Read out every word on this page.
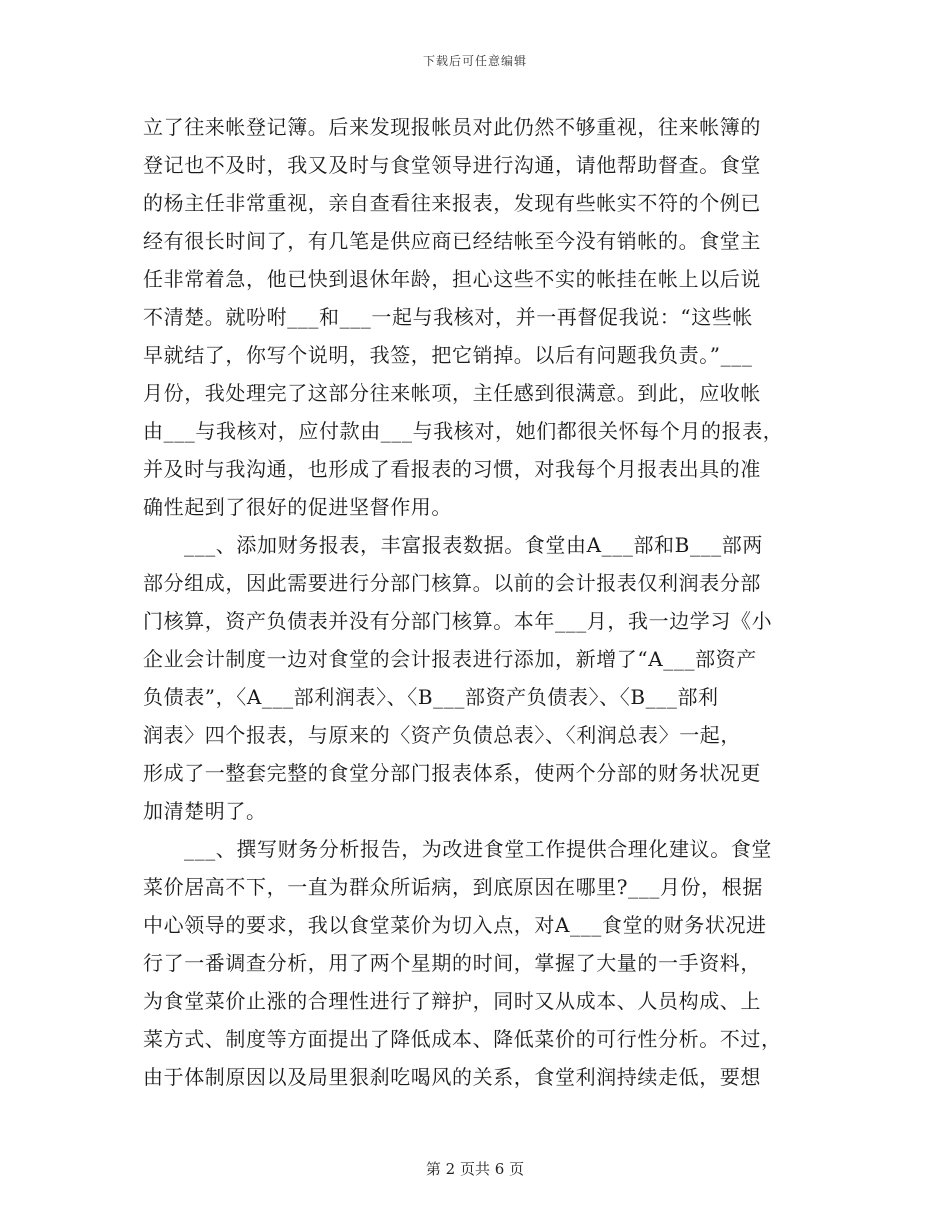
下载后可任意编辑
立了往来帐登记簿。后来发现报帐员对此仍然不够重视，往来帐簿的
登记也不及时，我又及时与食堂领导进行沟通，请他帮助督查。食堂
的杨主任非常重视，亲自查看往来报表，发现有些帐实不符的个例已
经有很长时间了，有几笔是供应商已经结帐至今没有销帐的。食堂主
任非常着急，他已快到退休年龄，担心这些不实的帐挂在帐上以后说
不清楚。就吩咐___和___一起与我核对，并一再督促我说：“这些帐
早就结了，你写个说明，我签，把它销掉。以后有问题我负责。”___
月份，我处理完了这部分往来帐项，主任感到很满意。到此，应收帐
由___与我核对，应付款由___与我核对，她们都很关怀每个月的报表，
并及时与我沟通，也形成了看报表的习惯，对我每个月报表出具的准
确性起到了很好的促进坚督作用。
___、添加财务报表，丰富报表数据。食堂由A___部和B___部两
部分组成，因此需要进行分部门核算。以前的会计报表仅利润表分部
门核算，资产负债表并没有分部门核算。本年___月，我一边学习《小
企业会计制度一边对食堂的会计报表进行添加，新增了“A___部资产
负债表”，〈A___部利润表〉、〈B___部资产负债表〉、〈B___部利
润表〉四个报表，与原来的〈资产负债总表〉、〈利润总表〉一起，
形成了一整套完整的食堂分部门报表体系，使两个分部的财务状况更
加清楚明了。
___、撰写财务分析报告，为改进食堂工作提供合理化建议。食堂
菜价居高不下，一直为群众所诟病，到底原因在哪里?___月份，根据
中心领导的要求，我以食堂菜价为切入点，对A___食堂的财务状况进
行了一番调查分析，用了两个星期的时间，掌握了大量的一手资料，
为食堂菜价止涨的合理性进行了辩护，同时又从成本、人员构成、上
菜方式、制度等方面提出了降低成本、降低菜价的可行性分析。不过，
由于体制原因以及局里狠刹吃喝风的关系，食堂利润持续走低，要想
第 2 页共 6 页
